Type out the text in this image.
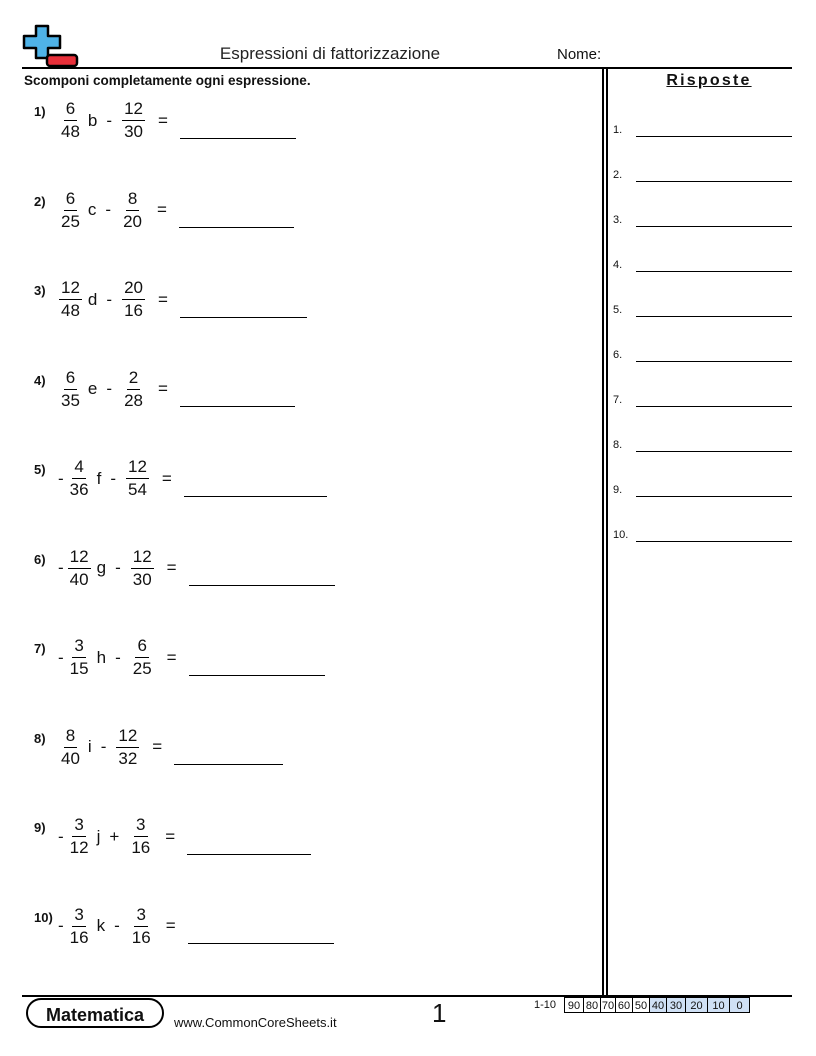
Espressioni di fattorizzazione	Nome:
Scomponi completamente ogni espressione.	Risposte
$1) \frac{6}{48}$ b - $\frac{12}{30}$ =
$2) \frac{6}{25}$ c - $\frac{8}{20}$ =
$3) \frac{12}{48}$ d - $\frac{20}{16}$ =
$4) \frac{6}{35}$ e - $\frac{2}{28}$ =
$5) - \frac{4}{36}$ f - $\frac{12}{54}$ =
$6) - \frac{12}{40}$ g - $\frac{12}{30}$ =
$7) - \frac{3}{15}$ h - $\frac{6}{25}$ =
$8) \frac{8}{40}$ i - $\frac{12}{32}$ =
$9) - \frac{3}{12}$ $j + \frac{3}{16}$ =
$10) - \frac{3}{16}$ k - $\frac{3}{16}$ =
1.
2.
3.
4.
5.
6.
7.
8.
9.
10.
Matematica	www.CommonCoreSheets.it	1	1-10	90 80 70 60 50 40 30 20 10	0
